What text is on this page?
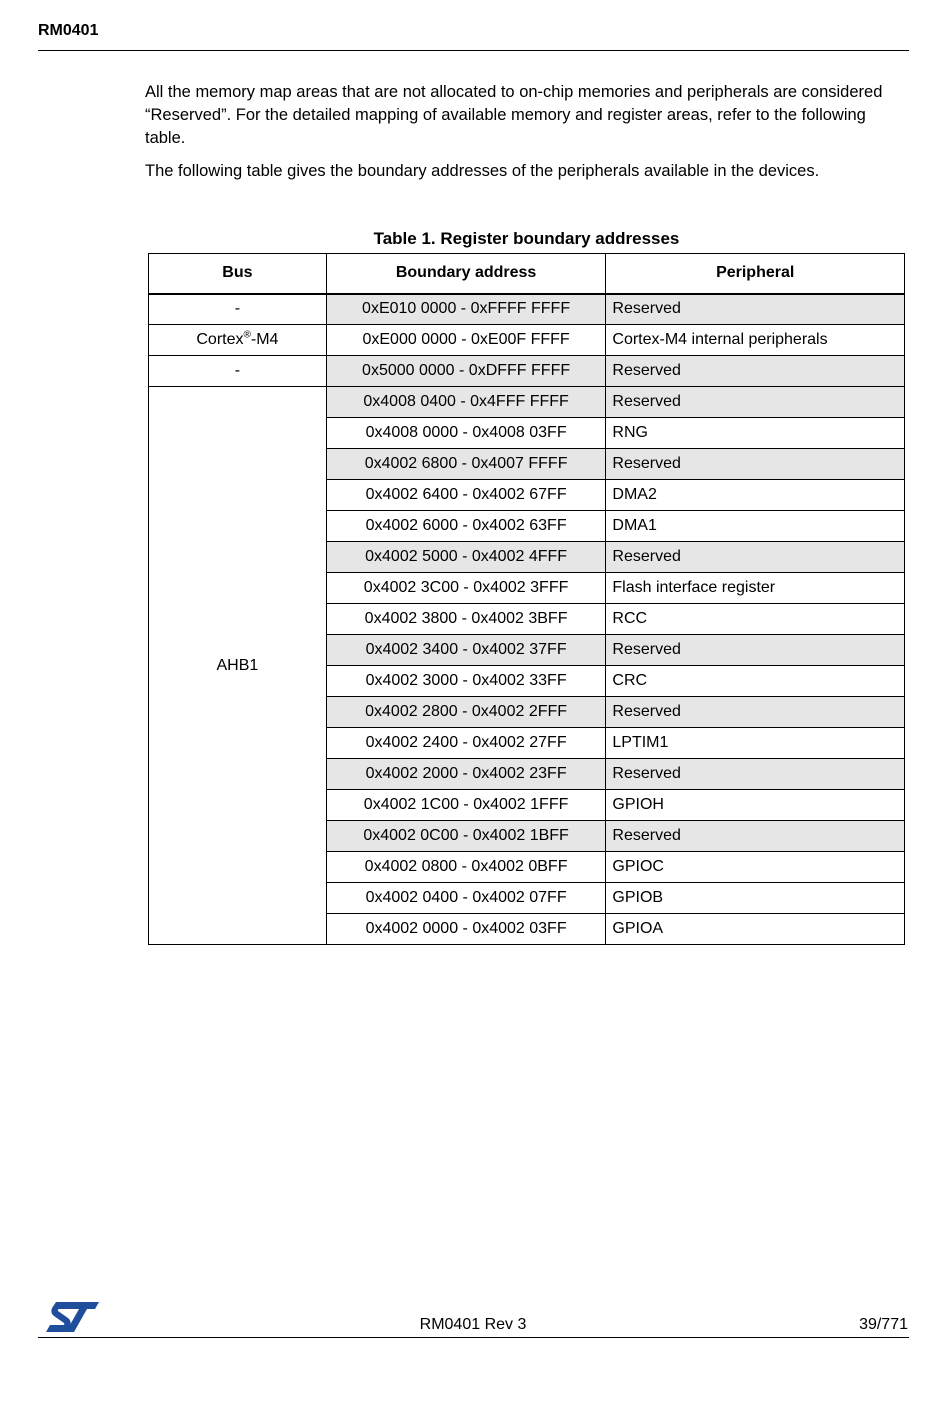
RM0401

All the memory map areas that are not allocated to on-chip memories and peripherals are considered “Reserved”. For the detailed mapping of available memory and register areas, refer to the following table.

The following table gives the boundary addresses of the peripherals available in the devices.

Table 1. Register boundary addresses
Bus	Boundary address	Peripheral
-	0xE010 0000 - 0xFFFF FFFF	Reserved
Cortex®-M4	0xE000 0000 - 0xE00F FFFF	Cortex-M4 internal peripherals
-	0x5000 0000 - 0xDFFF FFFF	Reserved
AHB1	0x4008 0400 - 0x4FFF FFFF	Reserved
	0x4008 0000 - 0x4008 03FF	RNG
	0x4002 6800 - 0x4007 FFFF	Reserved
	0x4002 6400 - 0x4002 67FF	DMA2
	0x4002 6000 - 0x4002 63FF	DMA1
	0x4002 5000 - 0x4002 4FFF	Reserved
	0x4002 3C00 - 0x4002 3FFF	Flash interface register
	0x4002 3800 - 0x4002 3BFF	RCC
	0x4002 3400 - 0x4002 37FF	Reserved
	0x4002 3000 - 0x4002 33FF	CRC
	0x4002 2800 - 0x4002 2FFF	Reserved
	0x4002 2400 - 0x4002 27FF	LPTIM1
	0x4002 2000 - 0x4002 23FF	Reserved
	0x4002 1C00 - 0x4002 1FFF	GPIOH
	0x4002 0C00 - 0x4002 1BFF	Reserved
	0x4002 0800 - 0x4002 0BFF	GPIOC
	0x4002 0400 - 0x4002 07FF	GPIOB
	0x4002 0000 - 0x4002 03FF	GPIOA
RM0401 Rev 3	39/771
